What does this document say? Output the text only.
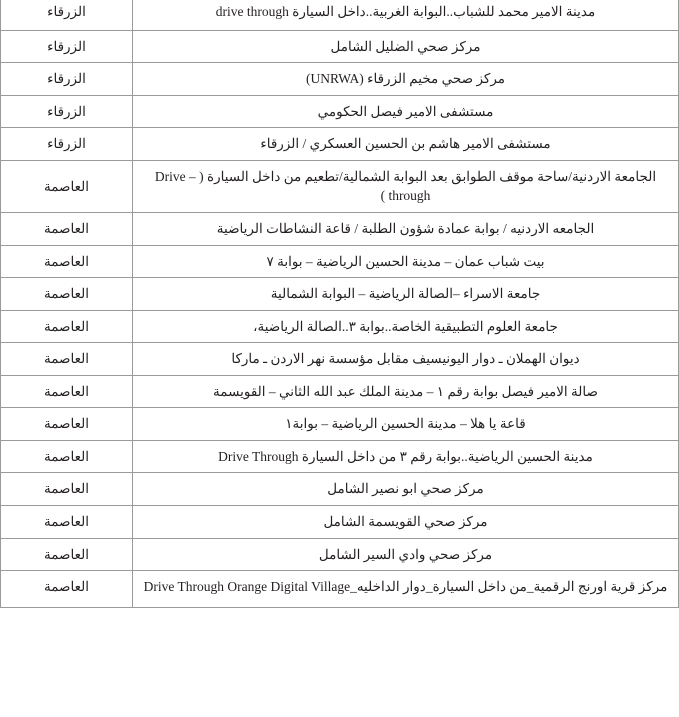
مدينة الامير محمد للشباب..البوابة الغربية..داخل السيارة drive through	الزرقاء
مركز صحي الضليل الشامل	الزرقاء
مركز صحي مخيم الزرقاء (UNRWA)	الزرقاء
مستشفى الامير فيصل الحكومي	الزرقاء
مستشفى الامير هاشم بن الحسين العسكري / الزرقاء	الزرقاء
الجامعة الاردنية/ساحة موقف الطوابق بعد البوابة الشمالية/تطعيم من داخل السيارة ( Drive – through )	العاصمة
الجامعه الاردنيه / بوابة عمادة شؤون الطلبة / قاعة النشاطات الرياضية	العاصمة
بيت شباب عمان – مدينة الحسين الرياضية – بوابة ٧	العاصمة
جامعة الاسراء –الصالة الرياضية – البوابة الشمالية	العاصمة
جامعة العلوم التطبيقية الخاصة..بوابة ٣..الصالة الرياضية،	العاصمة
ديوان الهملان ـ دوار اليونيسيف مقابل مؤسسة نهر الاردن ـ ماركا	العاصمة
صالة الامير فيصل بوابة رقم ١ – مدينة الملك عبد الله الثاني – القويسمة	العاصمة
قاعة يا هلا – مدينة الحسين الرياضية – بوابة١	العاصمة
مدينة الحسين الرياضية..بوابة رقم ٣ من داخل السيارة Drive Through	العاصمة
مركز صحي ابو نصير الشامل	العاصمة
مركز صحي القويسمة الشامل	العاصمة
مركز صحي وادي السير الشامل	العاصمة
مركز قرية اورنج الرقمية_من داخل السيارة_دوار الداخليه_Drive Through Orange Digital Village	العاصمة
